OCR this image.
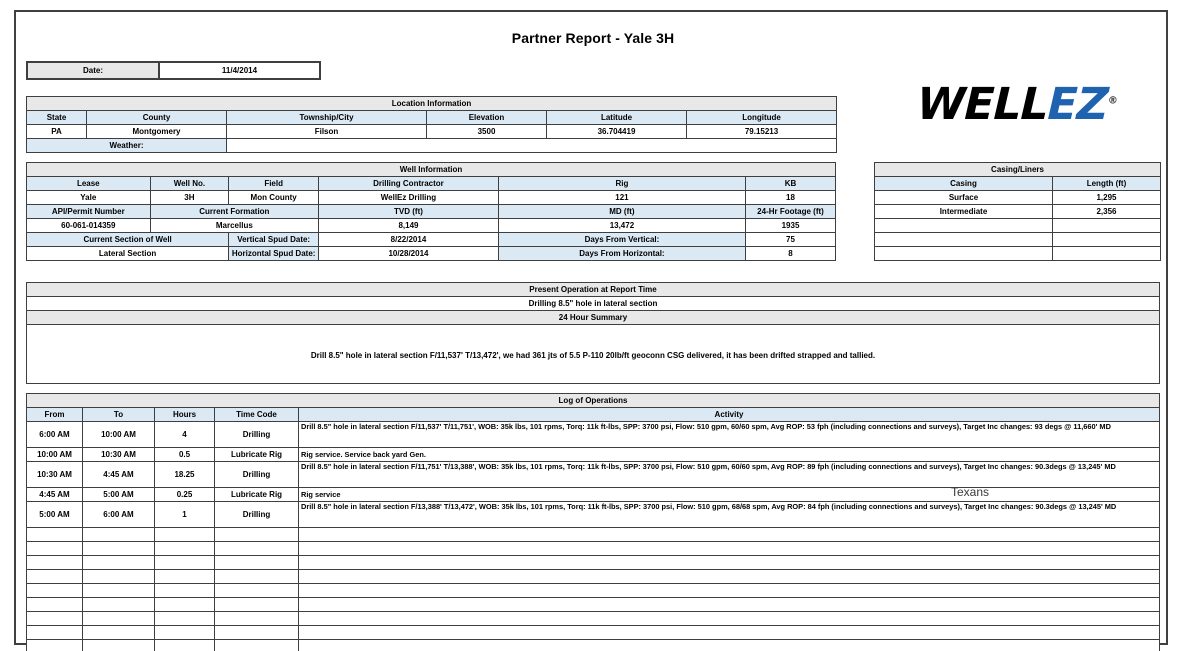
Partner Report - Yale 3H
Date:	11/4/2014
WELLEZ®
Location Information					
State	County	Township/City	Elevation	Latitude	Longitude
PA	Montgomery	Filson	3500	36.704419	79.15213
Weather:					
Well Information					
Lease	Well No.	Field	Drilling Contractor	Rig	KB
Yale	3H	Mon County	WellEz Drilling	121	18
API/Permit Number	Current Formation		TVD (ft)	MD (ft)	24-Hr Footage (ft)
60-061-014359	Marcellus		8,149	13,472	1935
Current Section of Well		Vertical Spud Date:	8/22/2014	Days From Vertical:	75
Lateral Section		Horizontal Spud Date:	10/28/2014	Days From Horizontal:	8
Casing/Liners	
Casing	Length (ft)
Surface	1,295
Intermediate	2,356

Present Operation at Report Time
Drilling 8.5" hole in lateral section
24 Hour Summary

Drill 8.5" hole in lateral section F/11,537' T/13,472', we had 361 jts of 5.5 P-110 20lb/ft geoconn CSG delivered, it has been drifted strapped and tallied.
Log of Operations				
From	To	Hours	Time Code	Activity
6:00 AM	10:00 AM	4	Drilling	Drill 8.5" hole in lateral section F/11,537' T/11,751', WOB: 35k lbs, 101 rpms, Torq: 11k ft-lbs, SPP: 3700 psi, Flow: 510 gpm, 60/60 spm, Avg ROP: 53 fph (including connections and surveys), Target Inc changes: 93 degs @ 11,660' MD
10:00 AM	10:30 AM	0.5	Lubricate Rig	Rig service. Service back yard Gen.
10:30 AM	4:45 AM	18.25	Drilling	Drill 8.5" hole in lateral section F/11,751' T/13,388', WOB: 35k lbs, 101 rpms, Torq: 11k ft-lbs, SPP: 3700 psi, Flow: 510 gpm, 60/60 spm, Avg ROP: 89 fph (including connections and surveys), Target Inc changes: 90.3degs @ 13,245' MD
4:45 AM	5:00 AM	0.25	Lubricate Rig	Rig service
5:00 AM	6:00 AM	1	Drilling	Drill 8.5" hole in lateral section F/13,388' T/13,472', WOB: 35k lbs, 101 rpms, Torq: 11k ft-lbs, SPP: 3700 psi, Flow: 510 gpm, 68/68 spm, Avg ROP: 84 fph (including connections and surveys), Target Inc changes: 90.3degs @ 13,245' MD

Texans
